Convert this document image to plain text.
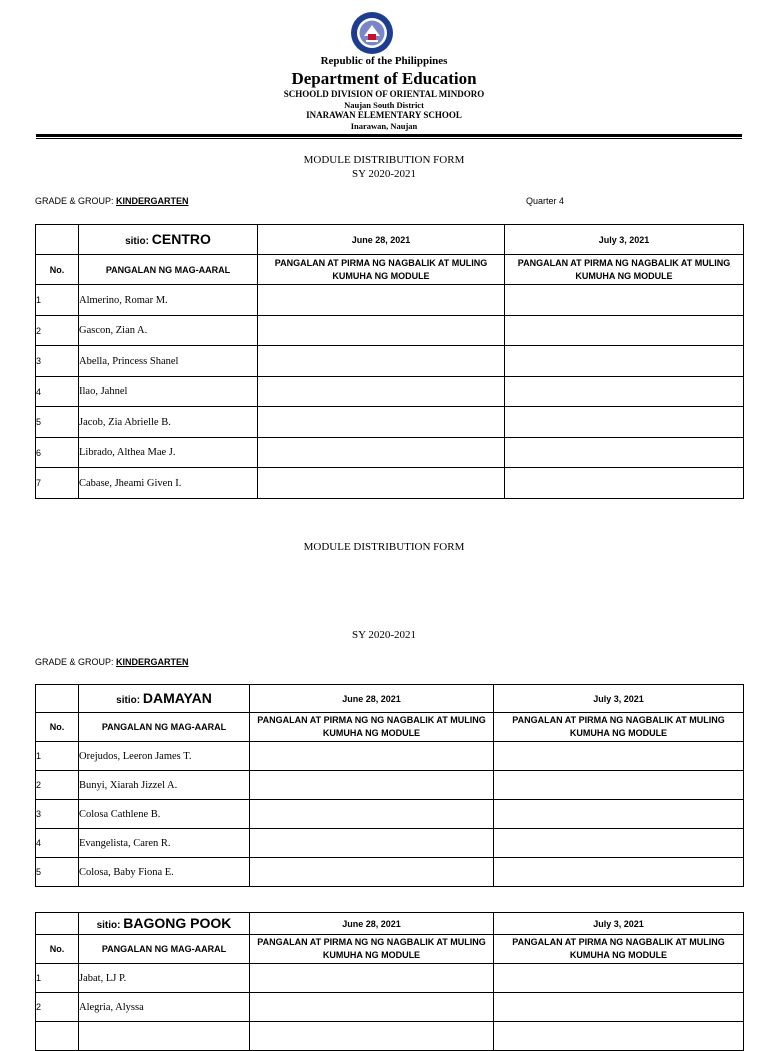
Republic of the Philippines
Department of Education
SCHOOLD DIVISION OF ORIENTAL MINDORO
Naujan South District
INARAWAN ELEMENTARY SCHOOL
Inarawan, Naujan
MODULE DISTRIBUTION FORM
SY 2020-2021
GRADE & GROUP: KINDERGARTEN	Quarter 4
	sitio: CENTRO	June 28, 2021	July 3, 2021
No.	PANGALAN NG MAG-AARAL	PANGALAN AT PIRMA NG NAGBALIK AT MULING KUMUHA NG MODULE	PANGALAN AT PIRMA NG NAGBALIK AT MULING KUMUHA NG MODULE
1	Almerino, Romar M.		
2	Gascon, Zian A.		
3	Abella, Princess Shanel		
4	Ilao, Jahnel		
5	Jacob, Zia Abrielle B.		
6	Librado, Althea Mae J.		
7	Cabase, Jheami Given I.		
MODULE DISTRIBUTION FORM
SY 2020-2021
GRADE & GROUP: KINDERGARTEN
	sitio: DAMAYAN	June 28, 2021	July 3, 2021
No.	PANGALAN NG MAG-AARAL	PANGALAN AT PIRMA NG NG NAGBALIK AT MULING KUMUHA NG MODULE	PANGALAN AT PIRMA NG NAGBALIK AT MULING KUMUHA NG MODULE
1	Orejudos, Leeron James T.		
2	Bunyi, Xiarah Jizzel A.		
3	Colosa Cathlene B.		
4	Evangelista, Caren R.		
5	Colosa, Baby Fiona E.		
	sitio: BAGONG POOK	June 28, 2021	July 3, 2021
No.	PANGALAN NG MAG-AARAL	PANGALAN AT PIRMA NG NG NAGBALIK AT MULING KUMUHA NG MODULE	PANGALAN AT PIRMA NG NAGBALIK AT MULING KUMUHA NG MODULE
1	Jabat, LJ P.		
2	Alegria, Alyssa		
